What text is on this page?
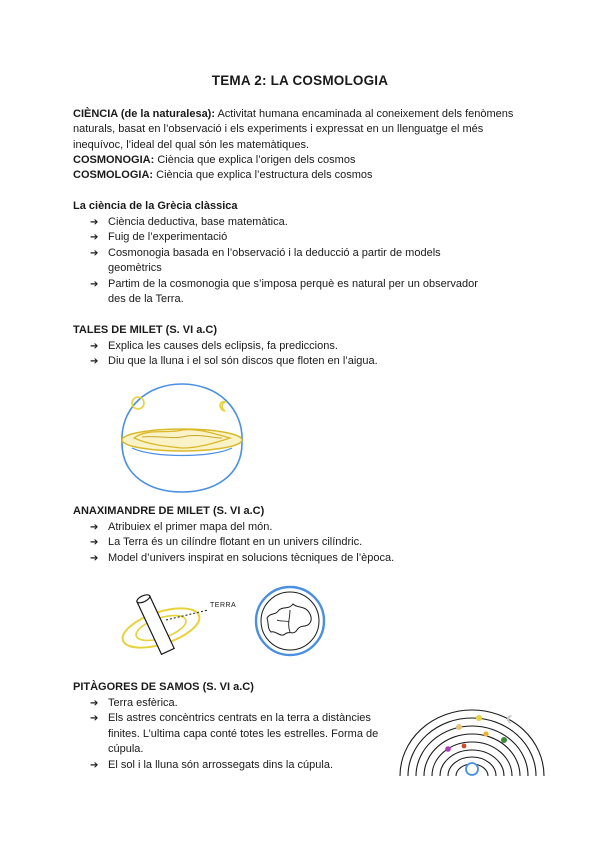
TEMA 2: LA COSMOLOGIA
CIÈNCIA (de la naturalesa): Activitat humana encaminada al coneixement dels fenòmens naturals, basat en l’observació i els experiments i expressat en un llenguatge el més inequívoc, l’ideal del qual són les matemàtiques.
COSMONOGIA: Ciència que explica l’origen dels cosmos
COSMOLOGIA: Ciència que explica l’estructura dels cosmos
La ciència de la Grècia clàssica
➔ Ciència deductiva, base matemàtica.
➔ Fuig de l’experimentació
➔ Cosmonogia basada en l’observació i la deducció a partir de models geomètrics
➔ Partim de la cosmonogia que s’imposa perquè es natural per un observador des de la Terra.
TALES DE MILET (S. VI a.C)
➔ Explica les causes dels eclipsis, fa prediccions.
➔ Diu que la lluna i el sol són discos que floten en l’aigua.
ANAXIMANDRE DE MILET (S. VI a.C)
➔ Atribuiex el primer mapa del món.
➔ La Terra és un cilíndre flotant en un univers cilíndric.
➔ Model d’univers inspirat en solucions tècniques de l’època.
TERRA
PITÀGORES DE SAMOS (S. VI a.C)
➔ Terra esfèrica.
➔ Els astres concèntrics centrats en la terra a distàncies finites. L’ultima capa conté totes les estrelles. Forma de cúpula.
➔ El sol i la lluna són arrossegats dins la cúpula.
